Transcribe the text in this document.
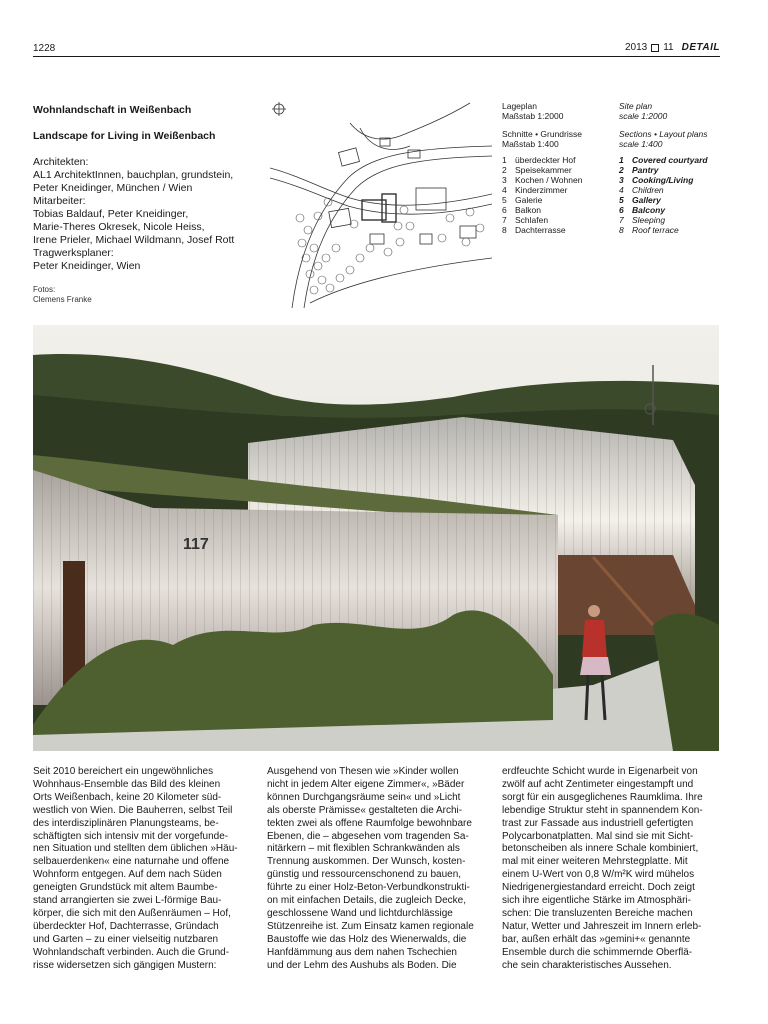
1228	2013 11 DETAIL
Wohnlandschaft in Weißenbach
Landscape for Living in Weißenbach
Architekten:
AL1 ArchitektInnen, bauchplan, grundstein,
Peter Kneidinger, München / Wien
Mitarbeiter:
Tobias Baldauf, Peter Kneidinger,
Marie-Theres Okresek, Nicole Heiss,
Irene Prieler, Michael Wildmann, Josef Rott
Tragwerksplaner:
Peter Kneidinger, Wien
Fotos:
Clemens Franke
Lageplan
Maßstab 1:2000
Schnitte • Grundrisse
Maßstab 1:400
1 überdeckter Hof
2 Speisekammer
3 Kochen / Wohnen
4 Kinderzimmer
5 Galerie
6 Balkon
7 Schlafen
8 Dachterrasse
Site plan
scale 1:2000
Sections • Layout plans
scale 1:400
1 Covered courtyard
2 Pantry
3 Cooking/Living
4 Children
5 Gallery
6 Balcony
7 Sleeping
8 Roof terrace
117
Seit 2010 bereichert ein ungewöhnliches
Wohnhaus-Ensemble das Bild des kleinen
Orts Weißenbach, keine 20 Kilometer süd-
westlich von Wien. Die Bauherren, selbst Teil
des interdisziplinären Planungsteams, be-
schäftigten sich intensiv mit der vorgefunde-
nen Situation und stellten dem üblichen »Häu-
selbauerdenken« eine naturnahe und offene
Wohnform entgegen. Auf dem nach Süden
geneigten Grundstück mit altem Baumbe-
stand arrangierten sie zwei L-förmige Bau-
körper, die sich mit den Außenräumen – Hof,
überdeckter Hof, Dachterrasse, Gründach
und Garten – zu einer vielseitig nutzbaren
Wohnlandschaft verbinden. Auch die Grund-
risse widersetzen sich gängigen Mustern:
Ausgehend von Thesen wie »Kinder wollen
nicht in jedem Alter eigene Zimmer«, »Bäder
können Durchgangsräume sein« und »Licht
als oberste Prämisse« gestalteten die Archi-
tekten zwei als offene Raumfolge bewohnbare
Ebenen, die – abgesehen vom tragenden Sa-
nitärkern – mit flexiblen Schrankwänden als
Trennung auskommen. Der Wunsch, kosten-
günstig und ressourcenschonend zu bauen,
führte zu einer Holz-Beton-Verbundkonstrukti-
on mit einfachen Details, die zugleich Decke,
geschlossene Wand und lichtdurchlässige
Stützenreihe ist. Zum Einsatz kamen regionale
Baustoffe wie das Holz des Wienerwalds, die
Hanfdämmung aus dem nahen Tschechien
und der Lehm des Aushubs als Boden. Die
erdfeuchte Schicht wurde in Eigenarbeit von
zwölf auf acht Zentimeter eingestampft und
sorgt für ein ausgeglichenes Raumklima. Ihre
lebendige Struktur steht in spannendem Kon-
trast zur Fassade aus industriell gefertigten
Polycarbonatplatten. Mal sind sie mit Sicht-
betonscheiben als innere Schale kombiniert,
mal mit einer weiteren Mehrstegplatte. Mit
einem U-Wert von 0,8 W/m²K wird mühelos
Niedrigenergiestandard erreicht. Doch zeigt
sich ihre eigentliche Stärke im Atmosphäri-
schen: Die transluzenten Bereiche machen
Natur, Wetter und Jahreszeit im Innern erleb-
bar, außen erhält das »gemini+« genannte
Ensemble durch die schimmernde Oberflä-
che sein charakteristisches Aussehen.
